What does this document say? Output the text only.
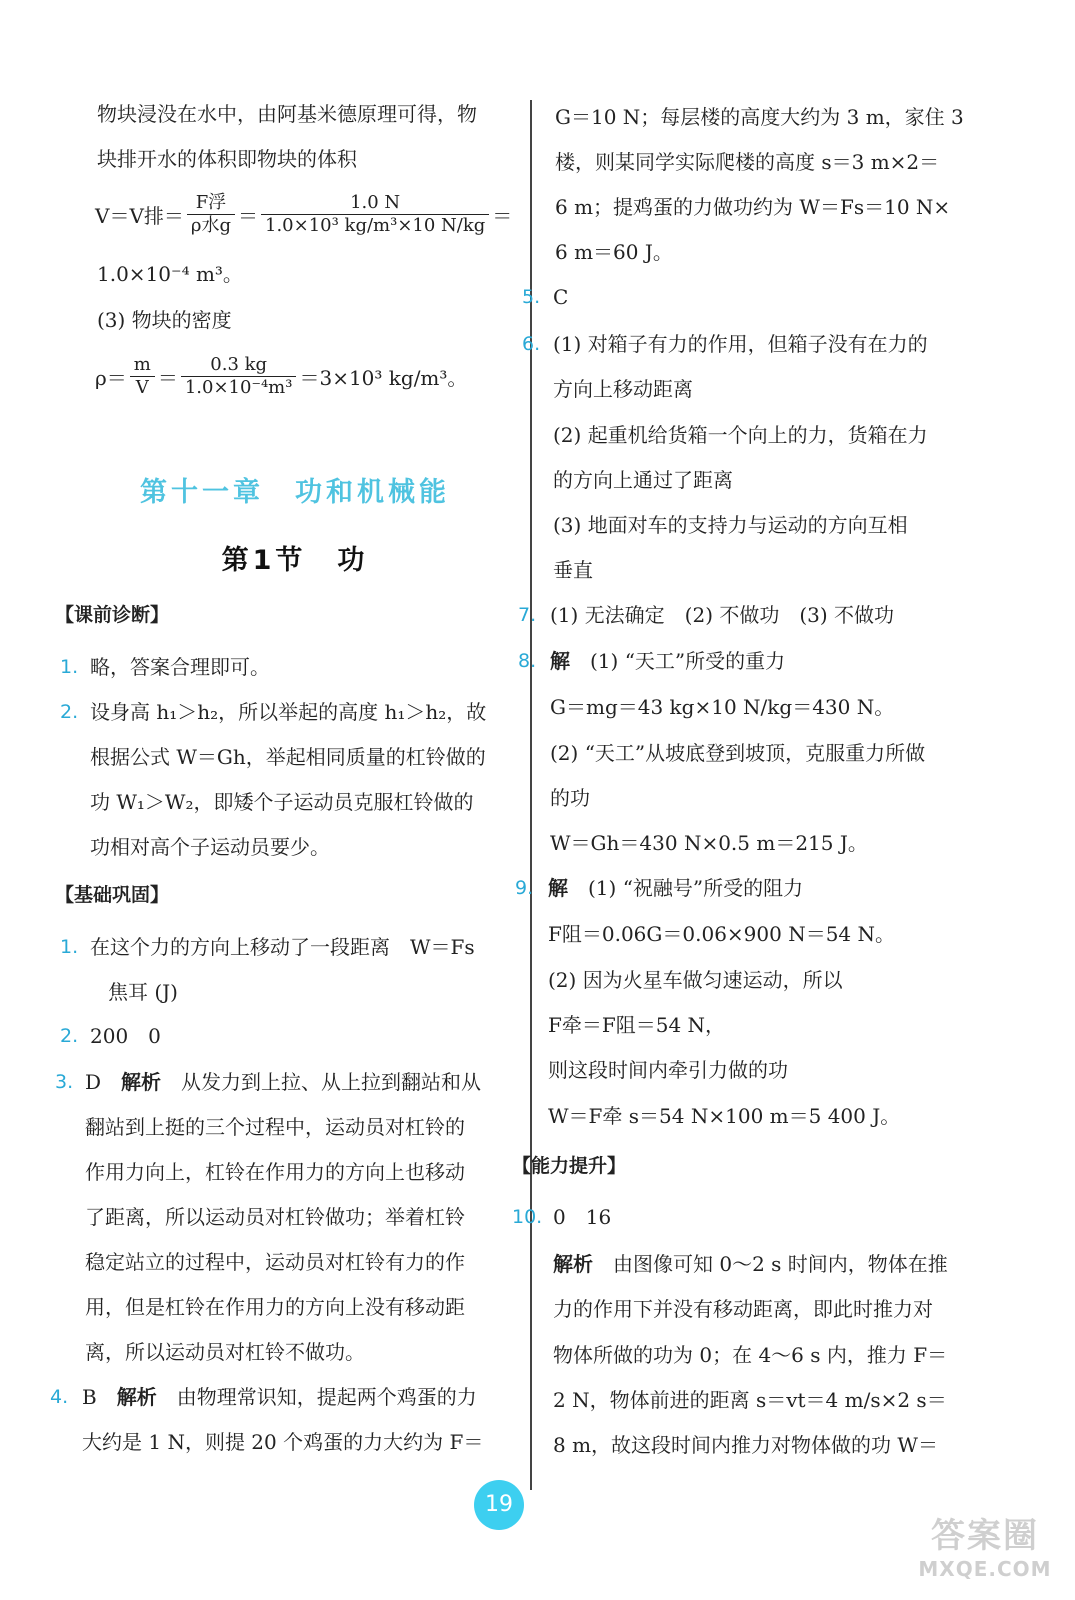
物块浸没在水中，由阿基米德原理可得，物
块排开水的体积即物块的体积
V＝V排＝ $\frac{\text{F浮}}{\text{ρ水g}} = \frac{1.0 N}{\text{1.0×10³ kg/m³×10 N/kg}}$ ＝
1.0×10⁻⁴ m³。
(3) 物块的密度
$\rho= \frac{m}{V} = \frac{0.3 kg}{\text{1.0×10⁻⁴m³}} =3\times 10^3$ kg/m³。
第十一章　功和机械能
第1节　功
【课前诊断】
1. 略，答案合理即可。
2. 设身高 h₁＞h₂，所以举起的高度 h₁＞h₂，故
根据公式 W＝Gh，举起相同质量的杠铃做的
功 W₁＞W₂，即矮个子运动员克服杠铃做的
功相对高个子运动员要少。
【基础巩固】
1. 在这个力的方向上移动了一段距离　W＝Fs
焦耳 (J)
2. 200　0
3. D　 解析　 从发力到上拉、从上拉到翻站和从
翻站到上挺的三个过程中，运动员对杠铃的
作用力向上，杠铃在作用力的方向上也移动
了距离，所以运动员对杠铃做功；举着杠铃
稳定站立的过程中，运动员对杠铃有力的作
用，但是杠铃在作用力的方向上没有移动距
离，所以运动员对杠铃不做功。
4. B　 解析　 由物理常识知，提起两个鸡蛋的力
大约是 1 N，则提 20 个鸡蛋的力大约为 F＝
G＝10 N；每层楼的高度大约为 3 m，家住 3
楼，则某同学实际爬楼的高度 s＝3 m×2＝
6 m；提鸡蛋的力做功约为 W＝Fs＝10 N×
6 m＝60 J。
5. C
6. (1) 对箱子有力的作用，但箱子没有在力的
方向上移动距离
(2) 起重机给货箱一个向上的力，货箱在力
的方向上通过了距离
(3) 地面对车的支持力与运动的方向互相
垂直
7. (1) 无法确定　(2) 不做功　(3) 不做功
8. 解　 (1) “天工”所受的重力
G＝mg＝43 kg×10 N/kg＝430 N。
(2) “天工”从坡底登到坡顶，克服重力所做
的功
W＝Gh＝430 N×0.5 m＝215 J。
9. 解　 (1) “祝融号”所受的阻力
F阻＝0.06G＝0.06×900 N＝54 N。
(2) 因为火星车做匀速运动，所以
F牵＝F阻＝54 N，
则这段时间内牵引力做的功
W＝F牵 s＝54 N×100 m＝5 400 J。
【能力提升】
10. 0　16
解析　 由图像可知 0～2 s 时间内，物体在推
力的作用下并没有移动距离，即此时推力对
物体所做的功为 0；在 4～6 s 内，推力 F＝
2 N，物体前进的距离 s＝vt＝4 m/s×2 s＝
8 m，故这段时间内推力对物体做的功 W＝
19
答案圈
MXQE.COM
